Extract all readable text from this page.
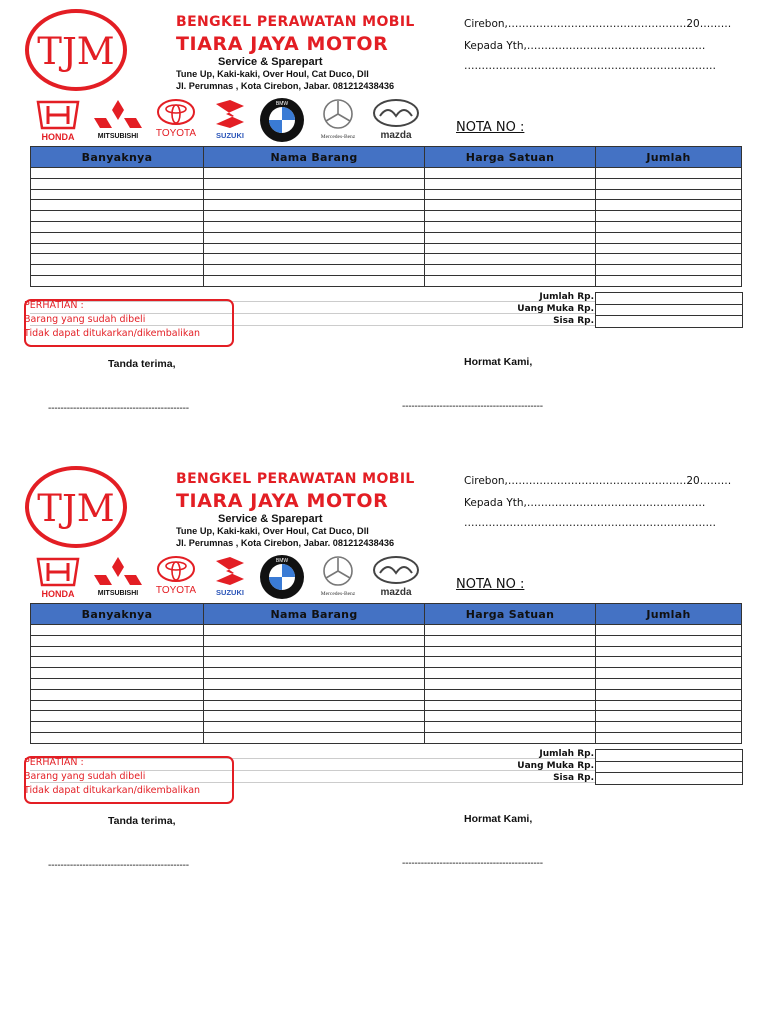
TJM
BENGKEL PERAWATAN MOBIL
TIARA JAYA MOTOR
Service & Sparepart
Tune Up, Kaki-kaki, Over Houl, Cat Duco, Dll
Jl. Perumnas , Kota Cirebon, Jabar. 081212438436
Cirebon,……………………………………………20………
Kepada Yth,……………………………………………
………………………………………………………………
HONDA	MITSUBISHI TOYOTA	SUZUKI
BMW
Mercedes-Benz	mazda
NOTA NO :
Banyaknya	Nama Barang	Harga Satuan	Jumlah

Jumlah Rp.
Uang Muka Rp.
Sisa Rp.
PERHATIAN :
Barang yang sudah dibeli
Tidak dapat ditukarkan/dikembalikan
Tanda terima,	Hormat Kami,
---------------------------------------------	---------------------------------------------
TJM
BENGKEL PERAWATAN MOBIL
TIARA JAYA MOTOR
Service & Sparepart
Tune Up, Kaki-kaki, Over Houl, Cat Duco, Dll
Jl. Perumnas , Kota Cirebon, Jabar. 081212438436
Cirebon,……………………………………………20………
Kepada Yth,……………………………………………
………………………………………………………………
HONDA	MITSUBISHI TOYOTA	SUZUKI
BMW
Mercedes-Benz	mazda
NOTA NO :
Banyaknya	Nama Barang	Harga Satuan	Jumlah

Jumlah Rp.
Uang Muka Rp.
Sisa Rp.
PERHATIAN :
Barang yang sudah dibeli
Tidak dapat ditukarkan/dikembalikan
Tanda terima,	Hormat Kami,
---------------------------------------------	---------------------------------------------
